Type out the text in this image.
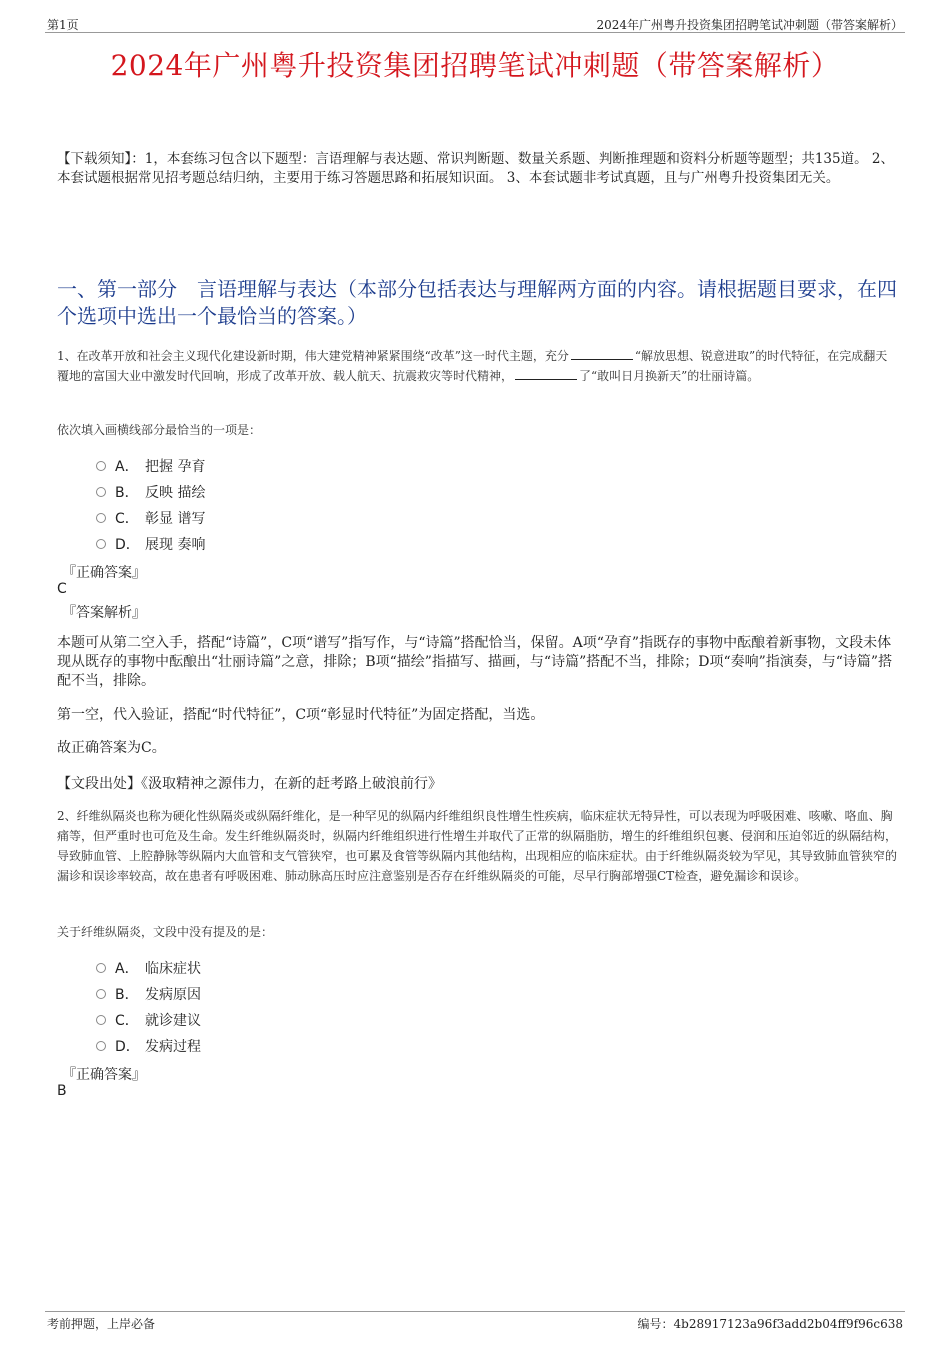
第1页	2024年广州粤升投资集团招聘笔试冲刺题（带答案解析）
2024年广州粤升投资集团招聘笔试冲刺题（带答案解析）
【下载须知】：1，本套练习包含以下题型：言语理解与表达题、常识判断题、数量关系题、判断推理题和资料分析题等题型；共135道。 2、本套试题根据常见招考题总结归纳，主要用于练习答题思路和拓展知识面。 3、本套试题非考试真题，且与广州粤升投资集团无关。
一、第一部分　言语理解与表达（本部分包括表达与理解两方面的内容。请根据题目要求，在四个选项中选出一个最恰当的答案。）
1、在改革开放和社会主义现代化建设新时期，伟大建党精神紧紧围绕“改革”这一时代主题，充分	“解放思想、锐意进取”的时代特征，在完成翻天覆地的富国大业中激发时代回响，形成了改革开放、载人航天、抗震救灾等时代精神，	了“敢叫日月换新天”的壮丽诗篇。
依次填入画横线部分最恰当的一项是：
A． 把握 孕育
B． 反映 描绘
C． 彰显 谱写
D． 展现 奏响
『正确答案』
C
『答案解析』
本题可从第二空入手，搭配“诗篇”，C项“谱写”指写作，与“诗篇”搭配恰当，保留。A项“孕育”指既存的事物中酝酿着新事物，文段未体现从既存的事物中酝酿出“壮丽诗篇”之意，排除；B项“描绘”指描写、描画，与“诗篇”搭配不当，排除；D项“奏响”指演奏，与“诗篇”搭配不当，排除。
第一空，代入验证，搭配“时代特征”，C项“彰显时代特征”为固定搭配，当选。
故正确答案为C。
【文段出处】《汲取精神之源伟力，在新的赶考路上破浪前行》
2、纤维纵隔炎也称为硬化性纵隔炎或纵隔纤维化，是一种罕见的纵隔内纤维组织良性增生性疾病，临床症状无特异性，可以表现为呼吸困难、咳嗽、咯血、胸痛等，但严重时也可危及生命。发生纤维纵隔炎时，纵隔内纤维组织进行性增生并取代了正常的纵隔脂肪，增生的纤维组织包裹、侵润和压迫邻近的纵隔结构，导致肺血管、上腔静脉等纵隔内大血管和支气管狭窄，也可累及食管等纵隔内其他结构，出现相应的临床症状。由于纤维纵隔炎较为罕见，其导致肺血管狭窄的漏诊和误诊率较高，故在患者有呼吸困难、肺动脉高压时应注意鉴别是否存在纤维纵隔炎的可能，尽早行胸部增强CT检查，避免漏诊和误诊。
关于纤维纵隔炎，文段中没有提及的是：
A． 临床症状
B． 发病原因
C． 就诊建议
D． 发病过程
『正确答案』
B
考前押题，上岸必备	编号：4b28917123a96f3add2b04ff9f96c638
